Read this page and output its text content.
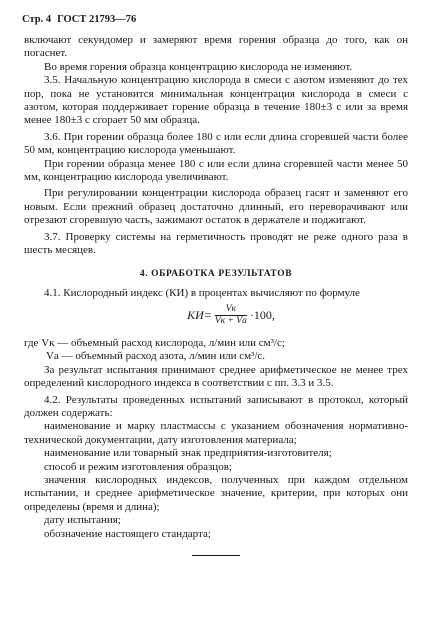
Стр. 4 ГОСТ 21793—76

включают секундомер и замеряют время горения образца до того, как он погаснет.

Во время горения образца концентрацию кислорода не изменяют.

3.5. Начальную концентрацию кислорода в смеси с азотом изменяют до тех пор, пока не установится минимальная концентрация кислорода в смеси с азотом, которая поддерживает горение образца в течение 180±3 с или за время менее 180±3 с сгорает 50 мм образца.

3.6. При горении образца более 180 с или если длина сгоревшей части более 50 мм, концентрацию кислорода уменьшают.

При горении образца менее 180 с или если длина сгоревшей части менее 50 мм, концентрацию кислорода увеличивают.

При регулировании концентрации кислорода образец гасят и заменяют его новым. Если прежний образец достаточно длинный, его переворачивают или отрезают сгоревшую часть, зажимают остаток в держателе и поджигают.

3.7. Проверку системы на герметичность проводят не реже одного раза в шесть месяцев.

4. ОБРАБОТКА РЕЗУЛЬТАТОВ

4.1. Кислородный индекс (КИ) в процентах вычисляют по формуле

$КИ= \frac{Vк}{Vк + Vа} \cdot 100$,
где Vк — объемный расход кислорода, л/мин или см³/с;
Vа — объемный расход азота, л/мин или см³/с.

За результат испытания принимают среднее арифметическое не менее трех определений кислородного индекса в соответствии с пп. 3.3 и 3.5.

4.2. Результаты проведенных испытаний записывают в протокол, который должен содержать:

наименование и марку пластмассы с указанием обозначения нормативно-технической документации, дату изготовления материала;

наименование или товарный знак предприятия-изготовителя;

способ и режим изготовления образцов;

значения кислородных индексов, полученных при каждом отдельном испытании, и среднее арифметическое значение, критерии, при которых они определены (время и длина);

дату испытания;

обозначение настоящего стандарта;
